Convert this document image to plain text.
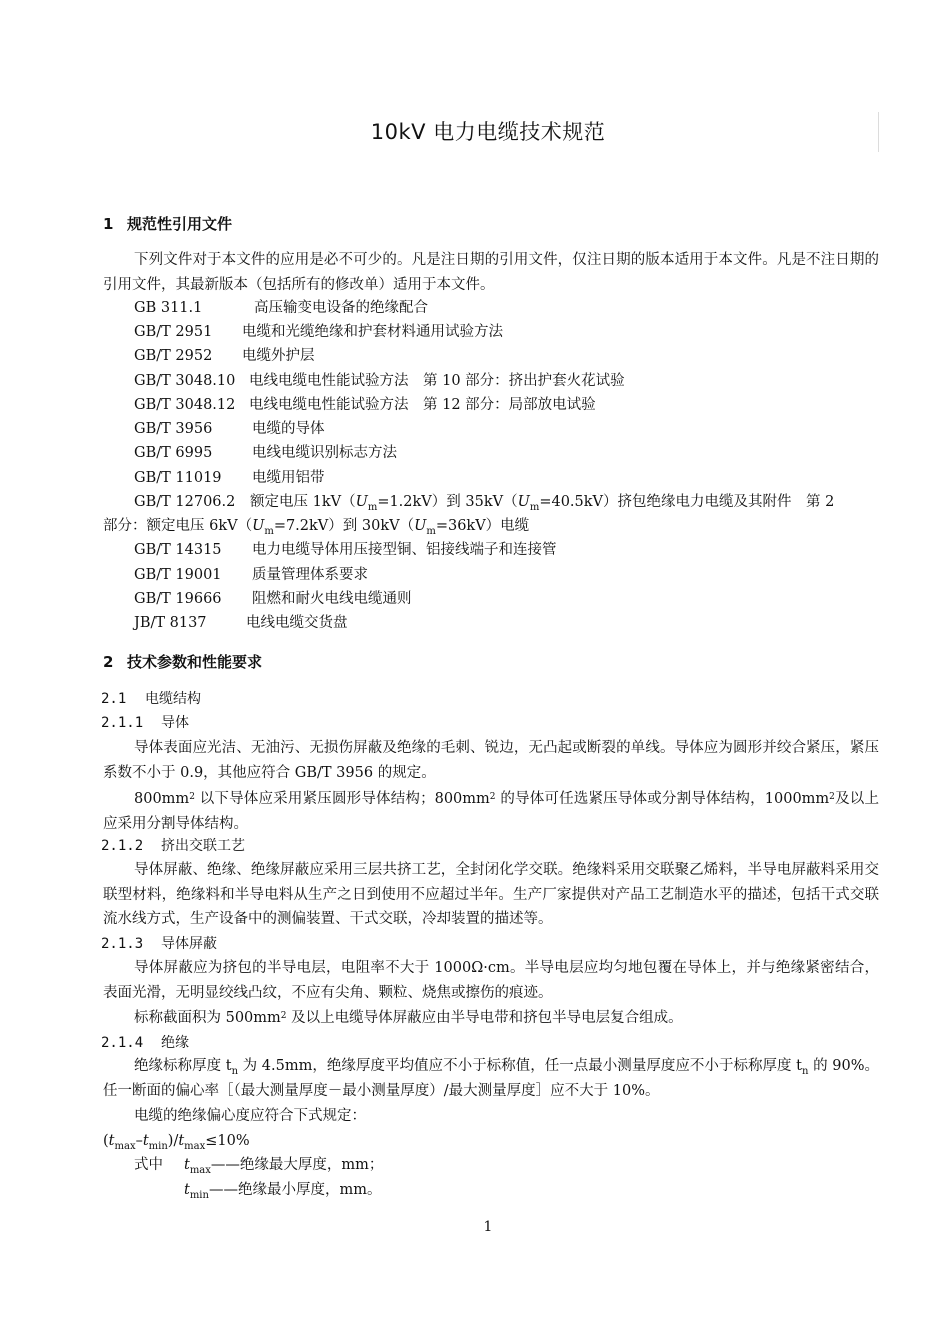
10kV 电力电缆技术规范
1 规范性引用文件

下列文件对于本文件的应用是必不可少的。凡是注日期的引用文件，仅注日期的版本适用于本文件。凡是不注日期的引用文件，其最新版本（包括所有的修改单）适用于本文件。

GB 311.1	高压输变电设备的绝缘配合
GB/T 2951 电缆和光缆绝缘和护套材料通用试验方法
GB/T 2952 电缆外护层
GB/T 3048.10 电线电缆电性能试验方法　第 10 部分：挤出护套火花试验
GB/T 3048.12 电线电缆电性能试验方法　第 12 部分：局部放电试验
GB/T 3956	电缆的导体
GB/T 6995	电线电缆识别标志方法
GB/T 11019 电缆用铝带
GB/T 12706.2 额定电压 $1kV(U_m=1.2kV)$到 $35kV(U_m=40.5kV)$挤包绝缘电力电缆及其附件　第 2
部分：额定电压 $6kV(U_m=7.2kV)$到 $30kV(U_m=36kV)$电缆
GB/T 14315 电力电缆导体用压接型铜、铝接线端子和连接管
GB/T 19001 质量管理体系要求
GB/T 19666 阻燃和耐火电线电缆通则
JB/T 8137	电线电缆交货盘
2 技术参数和性能要求
2.1 电缆结构
2.1.1 导体

导体表面应光洁、无油污、无损伤屏蔽及绝缘的毛刺、锐边，无凸起或断裂的单线。导体应为圆形并绞合紧压，紧压系数不小于 0.9，其他应符合 GB/T 3956 的规定。

$800mm^2$ 以下导体应采用紧压圆形导体结构；$800mm^2$ 的导体可任选紧压导体或分割导体结构，$1000mm^2$及以上应采用分割导体结构。

2.1.2 挤出交联工艺

导体屏蔽、绝缘、绝缘屏蔽应采用三层共挤工艺，全封闭化学交联。绝缘料采用交联聚乙烯料，半导电屏蔽料采用交联型材料，绝缘料和半导电料从生产之日到使用不应超过半年。生产厂家提供对产品工艺制造水平的描述，包括干式交联流水线方式，生产设备中的测偏装置、干式交联，冷却装置的描述等。

2.1.3 导体屏蔽

导体屏蔽应为挤包的半导电层，电阻率不大于 1000Ω·cm。半导电层应均匀地包覆在导体上，并与绝缘紧密结合，表面光滑，无明显绞线凸纹，不应有尖角、颗粒、烧焦或擦伤的痕迹。

标称截面积为 $500mm^2$ 及以上电缆导体屏蔽应由半导电带和挤包半导电层复合组成。

2.1.4 绝缘

绝缘标称厚度 $t_n$ 为 4.5mm，绝缘厚度平均值应不小于标称值，任一点最小测量厚度应不小于标称厚度 $t_n$ 的 90%。任一断面的偏心率［（最大测量厚度－最小测量厚度）/最大测量厚度］应不大于 10%。

电缆的绝缘偏心度应符合下式规定：

$(t_{max}-t_{min})/t_{max}\le 10\%$
式中 $t_{max}——$绝缘最大厚度，mm；
$t_{min}——$绝缘最小厚度，mm。
1
